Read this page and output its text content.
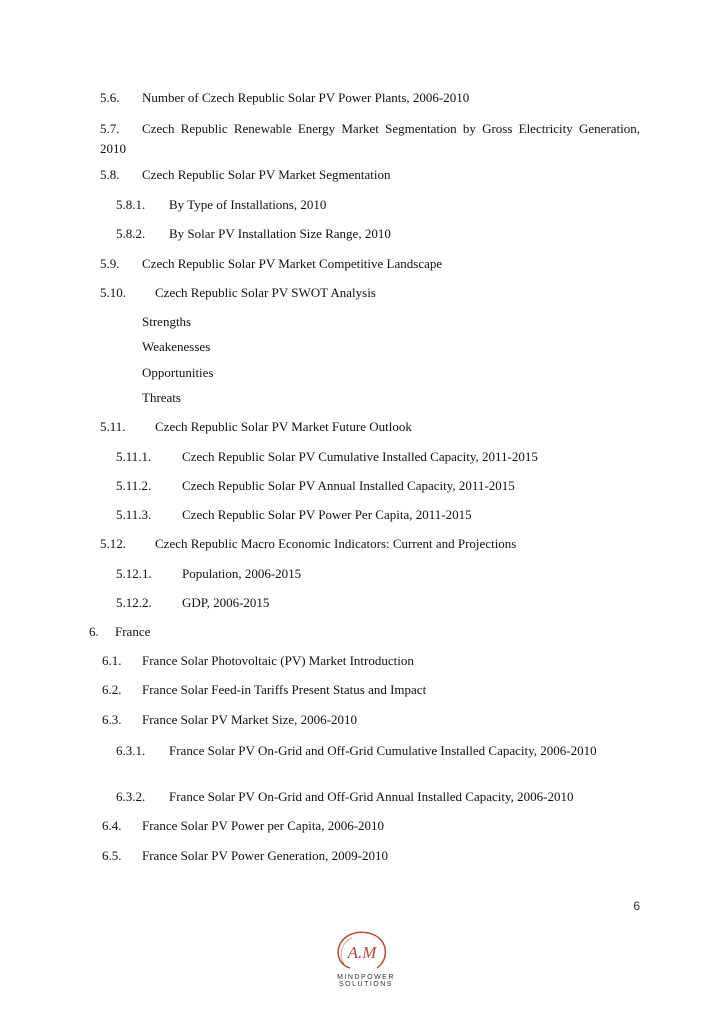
5.6. Number of Czech Republic Solar PV Power Plants, 2006-2010
5.7. Czech Republic Renewable Energy Market Segmentation by Gross Electricity Generation, 2010
5.8. Czech Republic Solar PV Market Segmentation
5.8.1. By Type of Installations, 2010
5.8.2. By Solar PV Installation Size Range, 2010
5.9. Czech Republic Solar PV Market Competitive Landscape
5.10. Czech Republic Solar PV SWOT Analysis
Strengths
Weakenesses
Opportunities
Threats
5.11. Czech Republic Solar PV Market Future Outlook
5.11.1. Czech Republic Solar PV Cumulative Installed Capacity, 2011-2015
5.11.2. Czech Republic Solar PV Annual Installed Capacity, 2011-2015
5.11.3. Czech Republic Solar PV Power Per Capita, 2011-2015
5.12. Czech Republic Macro Economic Indicators: Current and Projections
5.12.1. Population, 2006-2015
5.12.2. GDP, 2006-2015
6. France
6.1. France Solar Photovoltaic (PV) Market Introduction
6.2. France Solar Feed-in Tariffs Present Status and Impact
6.3. France Solar PV Market Size, 2006-2010
6.3.1. France Solar PV On-Grid and Off-Grid Cumulative Installed Capacity, 2006-2010
6.3.2. France Solar PV On-Grid and Off-Grid Annual Installed Capacity, 2006-2010
6.4. France Solar PV Power per Capita, 2006-2010
6.5. France Solar PV Power Generation, 2009-2010
6
A.M
MINDPOWER SOLUTIONS
